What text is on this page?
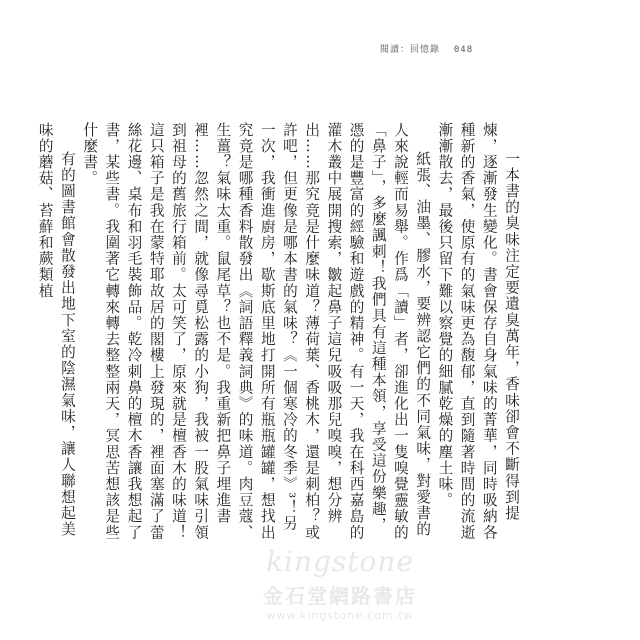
閱讀：回憶錄 048

一本書的臭味注定要遺臭萬年，香味卻會不斷得到提煉，逐漸發生變化。書會保存自身氣味的菁華，同時吸納各種新的香氣，使原有的氣味更為馥郁，直到隨著時間的流逝漸漸散去，最後只留下難以察覺的細膩乾燥的塵土味。

紙張、油墨、膠水，要辨認它們的不同氣味，對愛書的人來說輕而易舉。作爲「讀」者，卻進化出一隻嗅覺靈敏的「鼻子」，多麼諷刺！我們具有這種本領，享受這份樂趣，憑的是豐富的經驗和遊戲的精神。有一天，我在科西嘉島的灌木叢中展開搜索，皺起鼻子這兒吸吸那兒嗅嗅，想分辨出……那究竟是什麼味道？薄荷葉、香桃木，還是刺柏？或許吧，但更像是哪本書的氣味？《一個寒冷的冬季》³！另一次，我衝進廚房，歇斯底里地打開所有瓶瓶罐罐，想找出究竟是哪種香料散發出《詞語釋義詞典》的味道。肉豆蔻、生薑？氣味太重。鼠尾草？也不是。我重新把鼻子埋進書裡……忽然之間，就像尋覓松露的小狗，我被一股氣味引領到祖母的舊旅行箱前。太可笑了，原來就是檀香木的味道！這只箱子是我在蒙特耶故居的閣樓上發現的，裡面塞滿了蕾絲花邊、桌布和羽毛裝飾品。乾冷刺鼻的檀木香讓我想起了書，某些書。我圍著它轉來轉去整整兩天，冥思苦想該是些什麼書。

有的圖書館會散發出地下室的陰濕氣味，讓人聯想起美味的蘑菇、苔蘚和蕨類植

kingstone
金石堂網路書店
www.kingstone.com.tw
